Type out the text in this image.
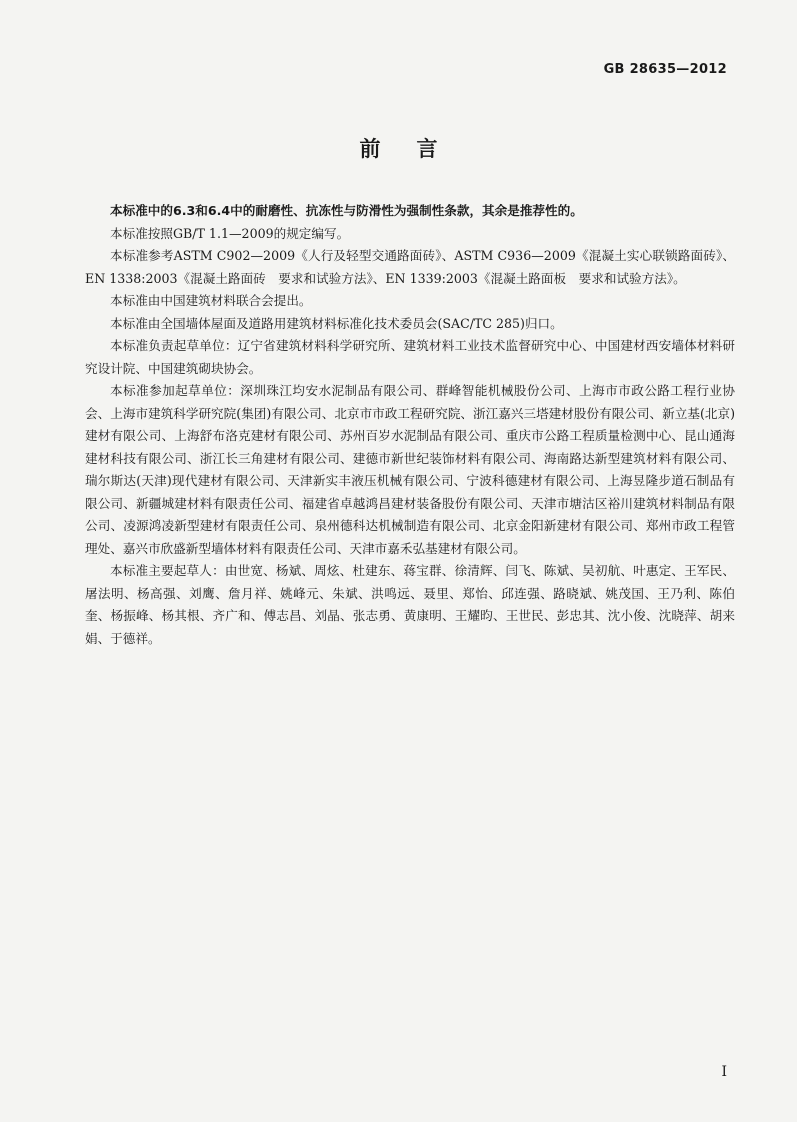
GB 28635—2012
前言

本标准中的6.3和6.4中的耐磨性、抗冻性与防滑性为强制性条款，其余是推荐性的。

本标准按照GB/T 1.1—2009的规定编写。

本标准参考ASTM C902—2009《人行及轻型交通路面砖》、ASTM C936—2009《混凝土实心联锁路面砖》、EN 1338:2003《混凝土路面砖　要求和试验方法》、EN 1339:2003《混凝土路面板　要求和试验方法》。

本标准由中国建筑材料联合会提出。

本标准由全国墙体屋面及道路用建筑材料标准化技术委员会(SAC/TC 285)归口。

本标准负责起草单位：辽宁省建筑材料科学研究所、建筑材料工业技术监督研究中心、中国建材西安墙体材料研究设计院、中国建筑砌块协会。

本标准参加起草单位：深圳珠江均安水泥制品有限公司、群峰智能机械股份公司、上海市市政公路工程行业协会、上海市建筑科学研究院(集团)有限公司、北京市市政工程研究院、浙江嘉兴三塔建材股份有限公司、新立基(北京)建材有限公司、上海舒布洛克建材有限公司、苏州百岁水泥制品有限公司、重庆市公路工程质量检测中心、昆山通海建材科技有限公司、浙江长三角建材有限公司、建德市新世纪装饰材料有限公司、海南路达新型建筑材料有限公司、瑞尔斯达(天津)现代建材有限公司、天津新实丰液压机械有限公司、宁波科德建材有限公司、上海昱隆步道石制品有限公司、新疆城建材料有限责任公司、福建省卓越鸿昌建材装备股份有限公司、天津市塘沽区裕川建筑材料制品有限公司、凌源鸿凌新型建材有限责任公司、泉州德科达机械制造有限公司、北京金阳新建材有限公司、郑州市政工程管理处、嘉兴市欣盛新型墙体材料有限责任公司、天津市嘉禾弘基建材有限公司。

本标准主要起草人：由世宽、杨斌、周炫、杜建东、蒋宝群、徐清辉、闫飞、陈斌、吴初航、叶惠定、王军民、屠法明、杨高强、刘鹰、詹月祥、姚峰元、朱斌、洪鸣远、聂里、郑怡、邱连强、路晓斌、姚茂国、王乃利、陈伯奎、杨振峰、杨其根、齐广和、傅志昌、刘晶、张志勇、黄康明、王耀昀、王世民、彭忠其、沈小俊、沈晓萍、胡来娟、于德祥。

I
